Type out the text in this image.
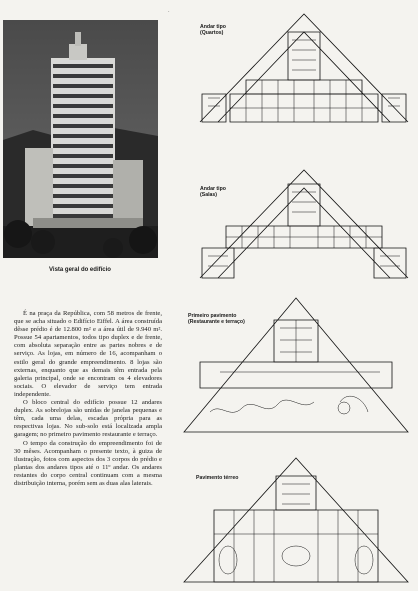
·
Vista geral do edifício

É na praça da República, com 58 metros de frente, que se acha situado o Edifício Eiffel. A área construída dêsse prédio é de 12.800 m² e a área útil de 9.940 m². Possue 54 apartamentos, todos tipo duplex e de frente, com absoluta separação entre as partes nobres e de serviço. As lojas, em número de 16, acompanham o estilo geral do grande empreendimento. 8 lojas são externas, enquanto que as demais têm entrada pela galeria principal, onde se encontram os 4 elevadores sociais. O elevador de serviço tem entrada independente.

O bloco central do edifício possue 12 andares duplex. As sobrelojas são unidas de janelas pequenas e têm, cada uma delas, escadas própria para as respectivas lojas. No sub-solo está localizada ampla garagem; no primeiro pavimento restaurante e terraço.

O tempo da construção do empreendimento foi de 30 mêses. Acompanham o presente texto, à guiza de ilustração, fotos com aspectos dos 3 corpos do prédio e plantas dos andares tipos até o 11º andar. Os andares restantes do corpo central continuam com a mesma distribuição interna, porém sem as duas alas laterais.

Andar tipo
(Quartos)
Andar tipo
(Salas)
Primeiro pavimento
(Restaurante e terraço)
Pavimento térreo
